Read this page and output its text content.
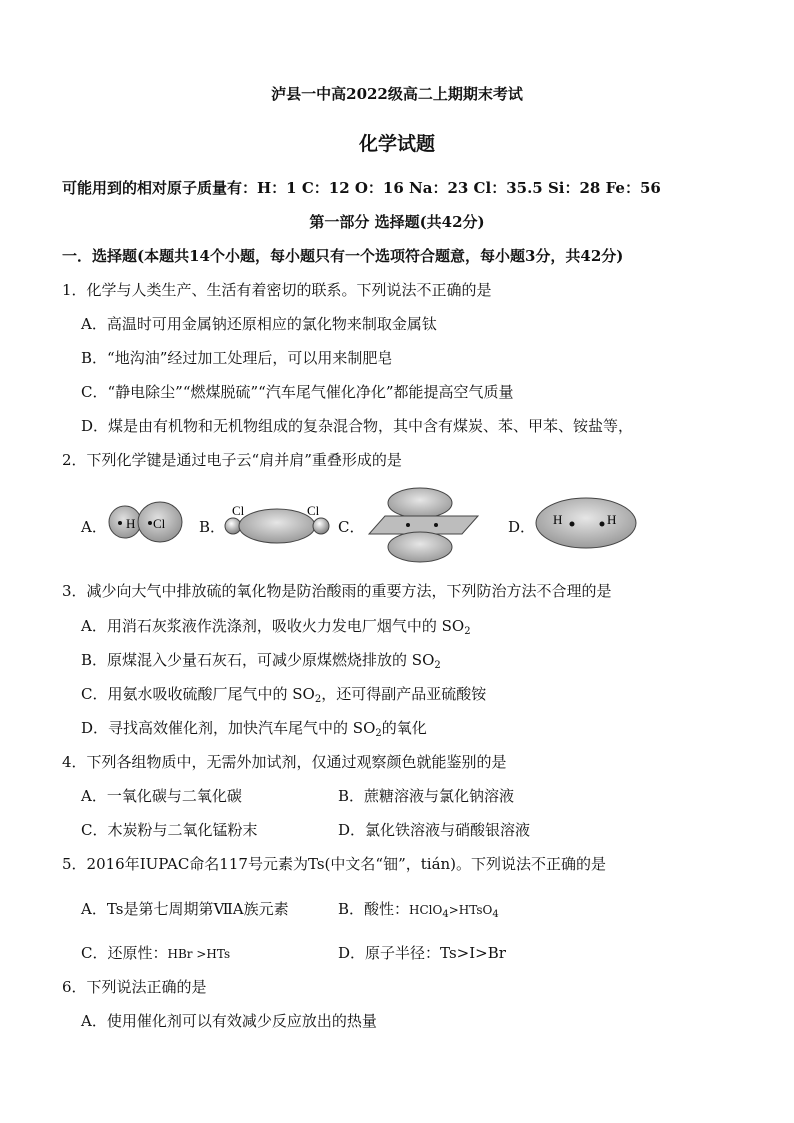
泸县一中高2022级高二上期期末考试
化学试题
可能用到的相对原子质量有：H：1 C：12 O：16 Na：23 Cl：35.5 Si：28 Fe：56
第一部分 选择题(共42分)
一．选择题(本题共14个小题，每小题只有一个选项符合题意，每小题3分，共42分)
1．化学与人类生产、生活有着密切的联系。下列说法不正确的是
A．高温时可用金属钠还原相应的氯化物来制取金属钛
B．“地沟油”经过加工处理后，可以用来制肥皂
C．“静电除尘”“燃煤脱硫”“汽车尾气催化净化”都能提高空气质量
D．煤是由有机物和无机物组成的复杂混合物，其中含有煤炭、苯、甲苯、铵盐等，
2．下列化学键是通过电子云“肩并肩”重叠形成的是
A．	B．	C．	D．
H Cl
Cl	Cl
H	H
3．减少向大气中排放硫的氧化物是防治酸雨的重要方法，下列防治方法不合理的是
A．用消石灰浆液作洗涤剂，吸收火力发电厂烟气中的 $SO_2$
B．原煤混入少量石灰石，可减少原煤燃烧排放的 $SO_2$
C．用氨水吸收硫酸厂尾气中的 $SO_2$，还可得副产品亚硫酸铵
D．寻找高效催化剂，加快汽车尾气中的 $SO_2$的氧化
4．下列各组物质中，无需外加试剂，仅通过观察颜色就能鉴别的是
A．一氧化碳与二氧化碳	B．蔗糖溶液与氯化钠溶液
C．木炭粉与二氧化锰粉末	D．氯化铁溶液与硝酸银溶液
5．2016年IUPAC命名117号元素为Ts(中文名“钿”，tián)。下列说法不正确的是
A．Ts是第七周期第ⅦA族元素	B．酸性：HClO$_4$>HTsO$_4$
C．还原性：HBr >HTs	D．原子半径：Ts>I>Br
6．下列说法正确的是
A．使用催化剂可以有效减少反应放出的热量
